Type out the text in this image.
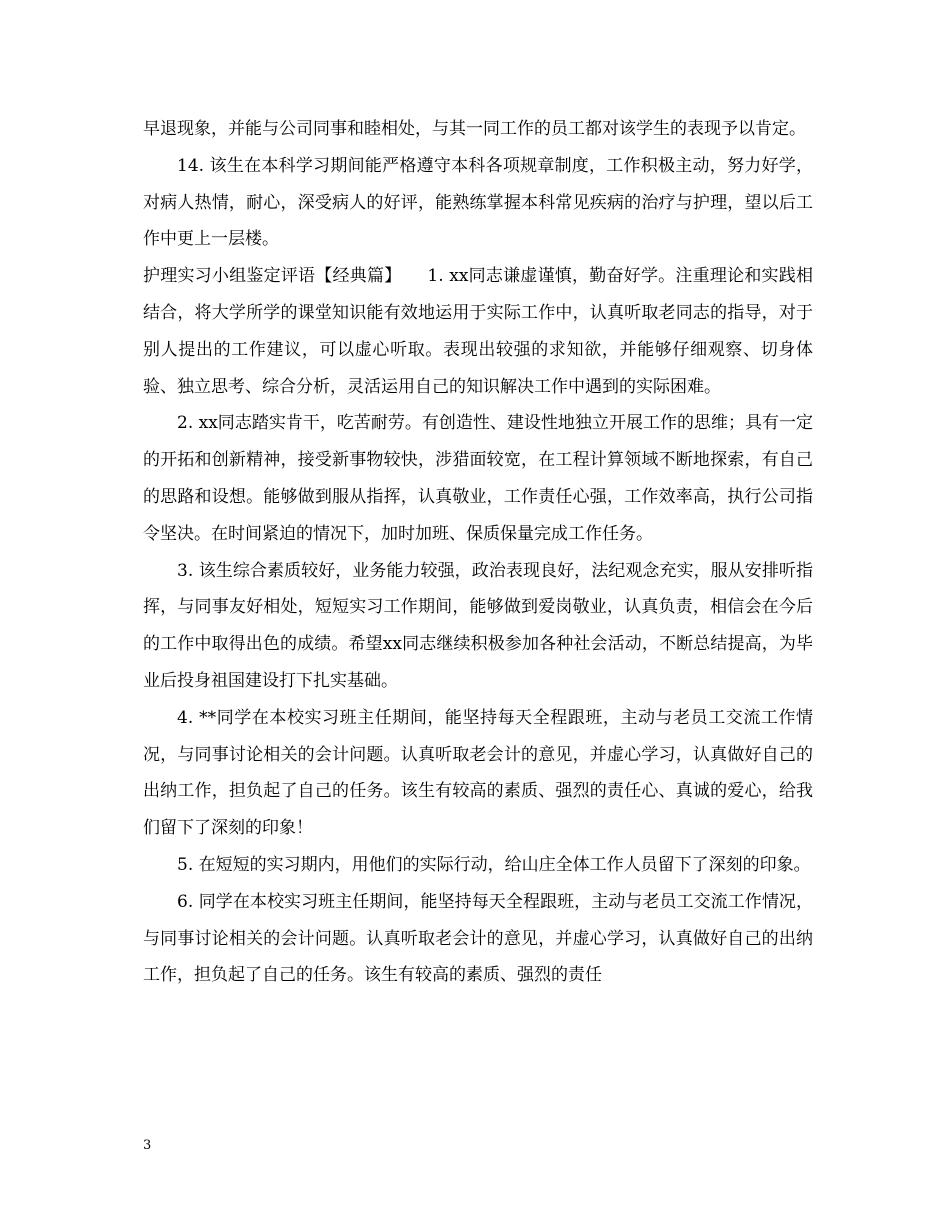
早退现象，并能与公司同事和睦相处，与其一同工作的员工都对该学生的表现予以肯定。

14. 该生在本科学习期间能严格遵守本科各项规章制度，工作积极主动，努力好学，对病人热情，耐心，深受病人的好评，能熟练掌握本科常见疾病的治疗与护理，望以后工作中更上一层楼。

护理实习小组鉴定评语【经典篇】　　1. xx同志谦虚谨慎，勤奋好学。注重理论和实践相结合，将大学所学的课堂知识能有效地运用于实际工作中，认真听取老同志的指导，对于别人提出的工作建议，可以虚心听取。表现出较强的求知欲，并能够仔细观察、切身体验、独立思考、综合分析，灵活运用自己的知识解决工作中遇到的实际困难。

2. xx同志踏实肯干，吃苦耐劳。有创造性、建设性地独立开展工作的思维；具有一定的开拓和创新精神，接受新事物较快，涉猎面较宽，在工程计算领域不断地探索，有自己的思路和设想。能够做到服从指挥，认真敬业，工作责任心强，工作效率高，执行公司指令坚决。在时间紧迫的情况下，加时加班、保质保量完成工作任务。

3. 该生综合素质较好，业务能力较强，政治表现良好，法纪观念充实，服从安排听指挥，与同事友好相处，短短实习工作期间，能够做到爱岗敬业，认真负责，相信会在今后的工作中取得出色的成绩。希望xx同志继续积极参加各种社会活动，不断总结提高，为毕业后投身祖国建设打下扎实基础。

4. **同学在本校实习班主任期间，能坚持每天全程跟班，主动与老员工交流工作情况，与同事讨论相关的会计问题。认真听取老会计的意见，并虚心学习，认真做好自己的出纳工作，担负起了自己的任务。该生有较高的素质、强烈的责任心、真诚的爱心，给我们留下了深刻的印象！

5. 在短短的实习期内，用他们的实际行动，给山庄全体工作人员留下了深刻的印象。

6. 同学在本校实习班主任期间，能坚持每天全程跟班，主动与老员工交流工作情况，与同事讨论相关的会计问题。认真听取老会计的意见，并虚心学习，认真做好自己的出纳工作，担负起了自己的任务。该生有较高的素质、强烈的责任

3
